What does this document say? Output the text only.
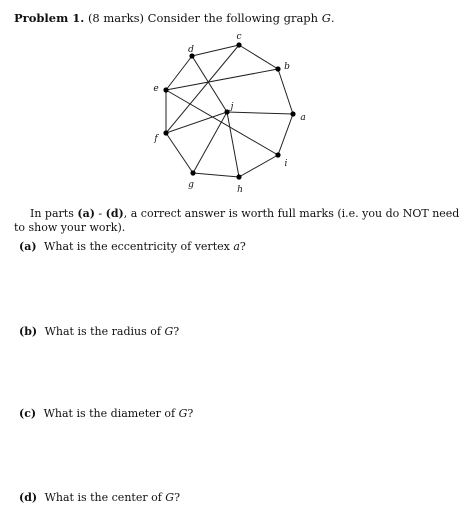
Problem 1. (8 marks) Consider the following graph G.
c
d
b
e
j
a
f
i
g	h
In parts (a) - (d), a correct answer is worth full marks (i.e. you do NOT need to show your work).
(a) What is the eccentricity of vertex a?
(b) What is the radius of G?
(c) What is the diameter of G?
(d) What is the center of G?
